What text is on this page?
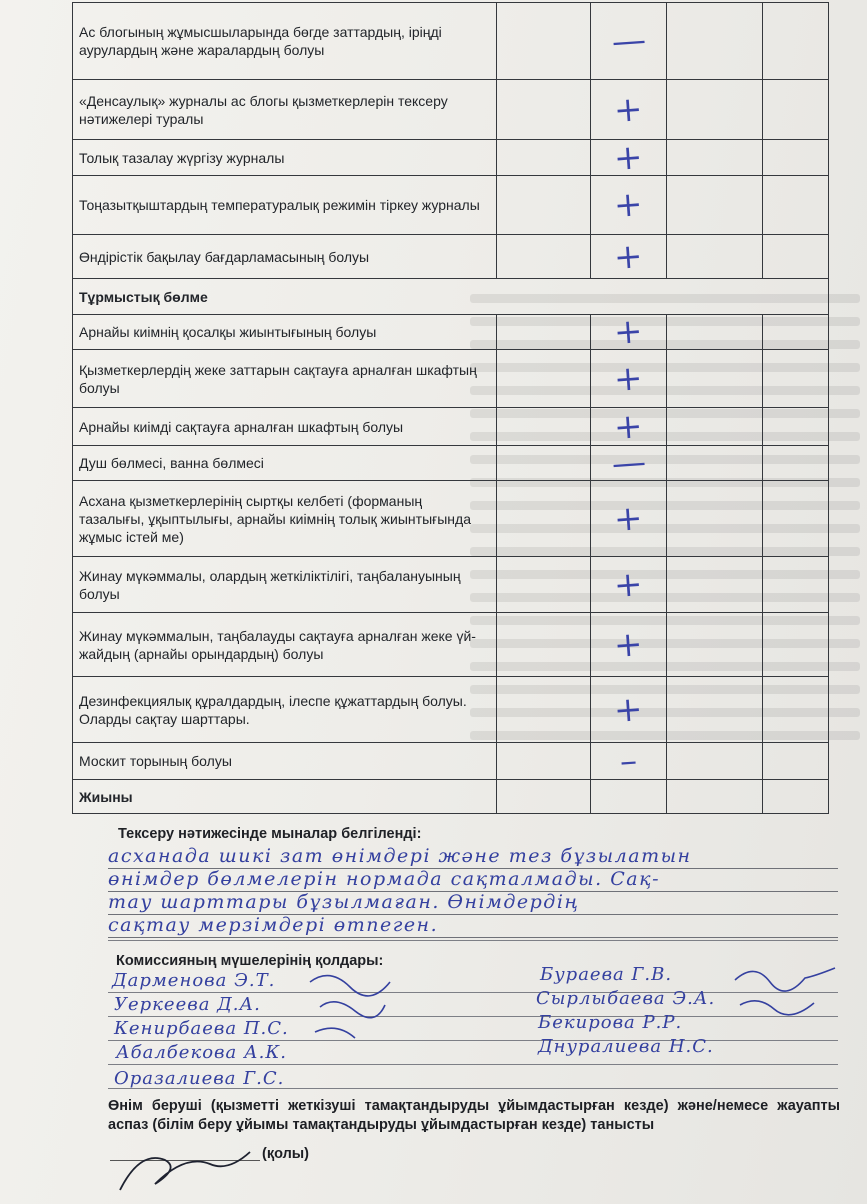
Ас блогының жұмысшыларында бөгде заттардың, іріңді аурулардың және жаралардың болуы		—		
«Денсаулық» журналы ас блогы қызметкерлерін тексеру нәтижелері туралы		+		
Толық тазалау жүргізу журналы		+		
Тоңазытқыштардың температуралық режимін тіркеу журналы		+		
Өндірістік бақылау бағдарламасының болуы		+		
Тұрмыстық бөлме				
Арнайы киімнің қосалқы жиынтығының болуы		+		
Қызметкерлердің жеке заттарын сақтауға арналған шкафтың болуы		+		
Арнайы киімді сақтауға арналған шкафтың болуы		+		
Душ бөлмесі, ванна бөлмесі		—		
Асхана қызметкерлерінің сыртқы келбеті (форманың тазалығы, ұқыптылығы, арнайы киімнің толық жиынтығында жұмыс істей ме)		+		
Жинау мүкәммалы, олардың жеткіліктілігі, таңбалануының болуы		+		
Жинау мүкәммалын, таңбалауды сақтауға арналған жеке үй-жайдың (арнайы орындардың) болуы		+		
Дезинфекциялық құралдардың, ілеспе құжаттардың болуы. Оларды сақтау шарттары.		+		
Москит торының болуы		–		
Жиыны				
Тексеру нәтижесінде мыналар белгіленді:
асханада шикі зат өнімдері және тез бұзылатын
өнімдер бөлмелерін нормада сақталмады. Сақ-
тау шарттары бұзылмаған. Өнімдердің
сақтау мерзімдері өтпеген.
Комиссияның мүшелерінің қолдары:
Дарменова Э.Т.
Уеркеева Д.А.
Кенирбаева П.С.
Абалбекова А.К.
Оразалиева Г.С.
Бураева Г.В.
Сырлыбаева Э.А.
Бекирова Р.Р.
Днуралиева Н.С.
Өнім беруші (қызметті жеткізуші тамақтандыруды ұйымдастырған кезде) және/немесе жауапты аспаз (білім беру ұйымы тамақтандыруды ұйымдастырған кезде) танысты
(қолы)
